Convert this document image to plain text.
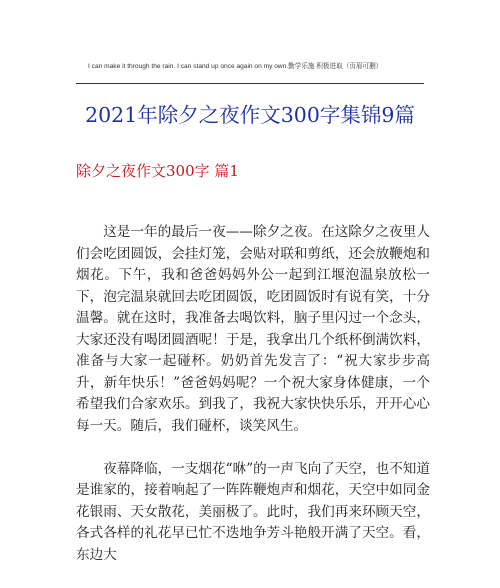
I can make it through the rain. I can stand up once again on my own.勤学乐施 积极进取（页眉可删）
2021年除夕之夜作文300字集锦9篇
除夕之夜作文300字 篇1

这是一年的最后一夜——除夕之夜。在这除夕之夜里人们会吃团圆饭，会挂灯笼，会贴对联和剪纸，还会放鞭炮和烟花。下午，我和爸爸妈妈外公一起到江堰泡温泉放松一下，泡完温泉就回去吃团圆饭，吃团圆饭时有说有笑，十分温馨。就在这时，我准备去喝饮料，脑子里闪过一个念头，大家还没有喝团圆酒呢！于是，我拿出几个纸杯倒满饮料，准备与大家一起碰杯。奶奶首先发言了：“祝大家步步高升，新年快乐！”爸爸妈妈呢？一个祝大家身体健康，一个希望我们合家欢乐。到我了，我祝大家快快乐乐，开开心心每一天。随后，我们碰杯，谈笑风生。

夜幕降临，一支烟花“咻”的一声飞向了天空，也不知道是谁家的，接着响起了一阵阵鞭炮声和烟花，天空中如同金花银雨、天女散花，美丽极了。此时，我们再来环顾天空，各式各样的礼花早已忙不迭地争芳斗艳般开满了天空。看，东边大
